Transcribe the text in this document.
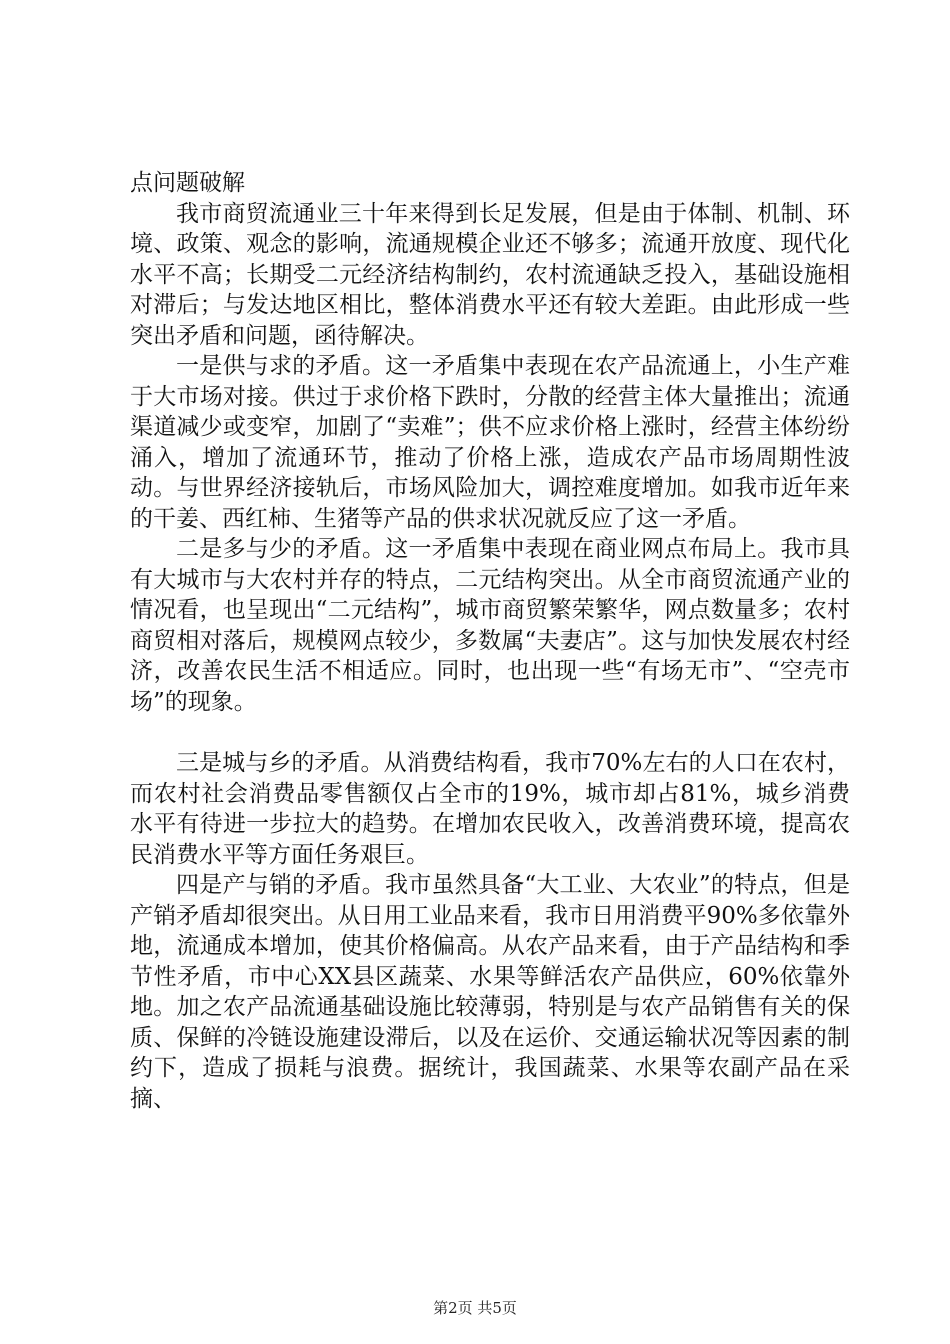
点问题破解

我市商贸流通业三十年来得到长足发展，但是由于体制、机制、环境、政策、观念的影响，流通规模企业还不够多；流通开放度、现代化水平不高；长期受二元经济结构制约，农村流通缺乏投入，基础设施相对滞后；与发达地区相比，整体消费水平还有较大差距。由此形成一些突出矛盾和问题，函待解决。

一是供与求的矛盾。这一矛盾集中表现在农产品流通上，小生产难于大市场对接。供过于求价格下跌时，分散的经营主体大量推出；流通渠道减少或变窄，加剧了“卖难”；供不应求价格上涨时，经营主体纷纷涌入，增加了流通环节，推动了价格上涨，造成农产品市场周期性波动。与世界经济接轨后，市场风险加大，调控难度增加。如我市近年来的干姜、西红柿、生猪等产品的供求状况就反应了这一矛盾。

二是多与少的矛盾。这一矛盾集中表现在商业网点布局上。我市具有大城市与大农村并存的特点，二元结构突出。从全市商贸流通产业的情况看，也呈现出“二元结构”，城市商贸繁荣繁华，网点数量多；农村商贸相对落后，规模网点较少，多数属“夫妻店”。这与加快发展农村经济，改善农民生活不相适应。同时，也出现一些“有场无市”、“空壳市场”的现象。

三是城与乡的矛盾。从消费结构看，我市70%左右的人口在农村，而农村社会消费品零售额仅占全市的19%，城市却占81%，城乡消费水平有待进一步拉大的趋势。在增加农民收入，改善消费环境，提高农民消费水平等方面任务艰巨。

四是产与销的矛盾。我市虽然具备“大工业、大农业”的特点，但是产销矛盾却很突出。从日用工业品来看，我市日用消费平90%多依靠外地，流通成本增加，使其价格偏高。从农产品来看，由于产品结构和季节性矛盾，市中心XX县区蔬菜、水果等鲜活农产品供应，60%依靠外地。加之农产品流通基础设施比较薄弱，特别是与农产品销售有关的保质、保鲜的冷链设施建设滞后，以及在运价、交通运输状况等因素的制约下，造成了损耗与浪费。据统计，我国蔬菜、水果等农副产品在采摘、

第2页 共5页
